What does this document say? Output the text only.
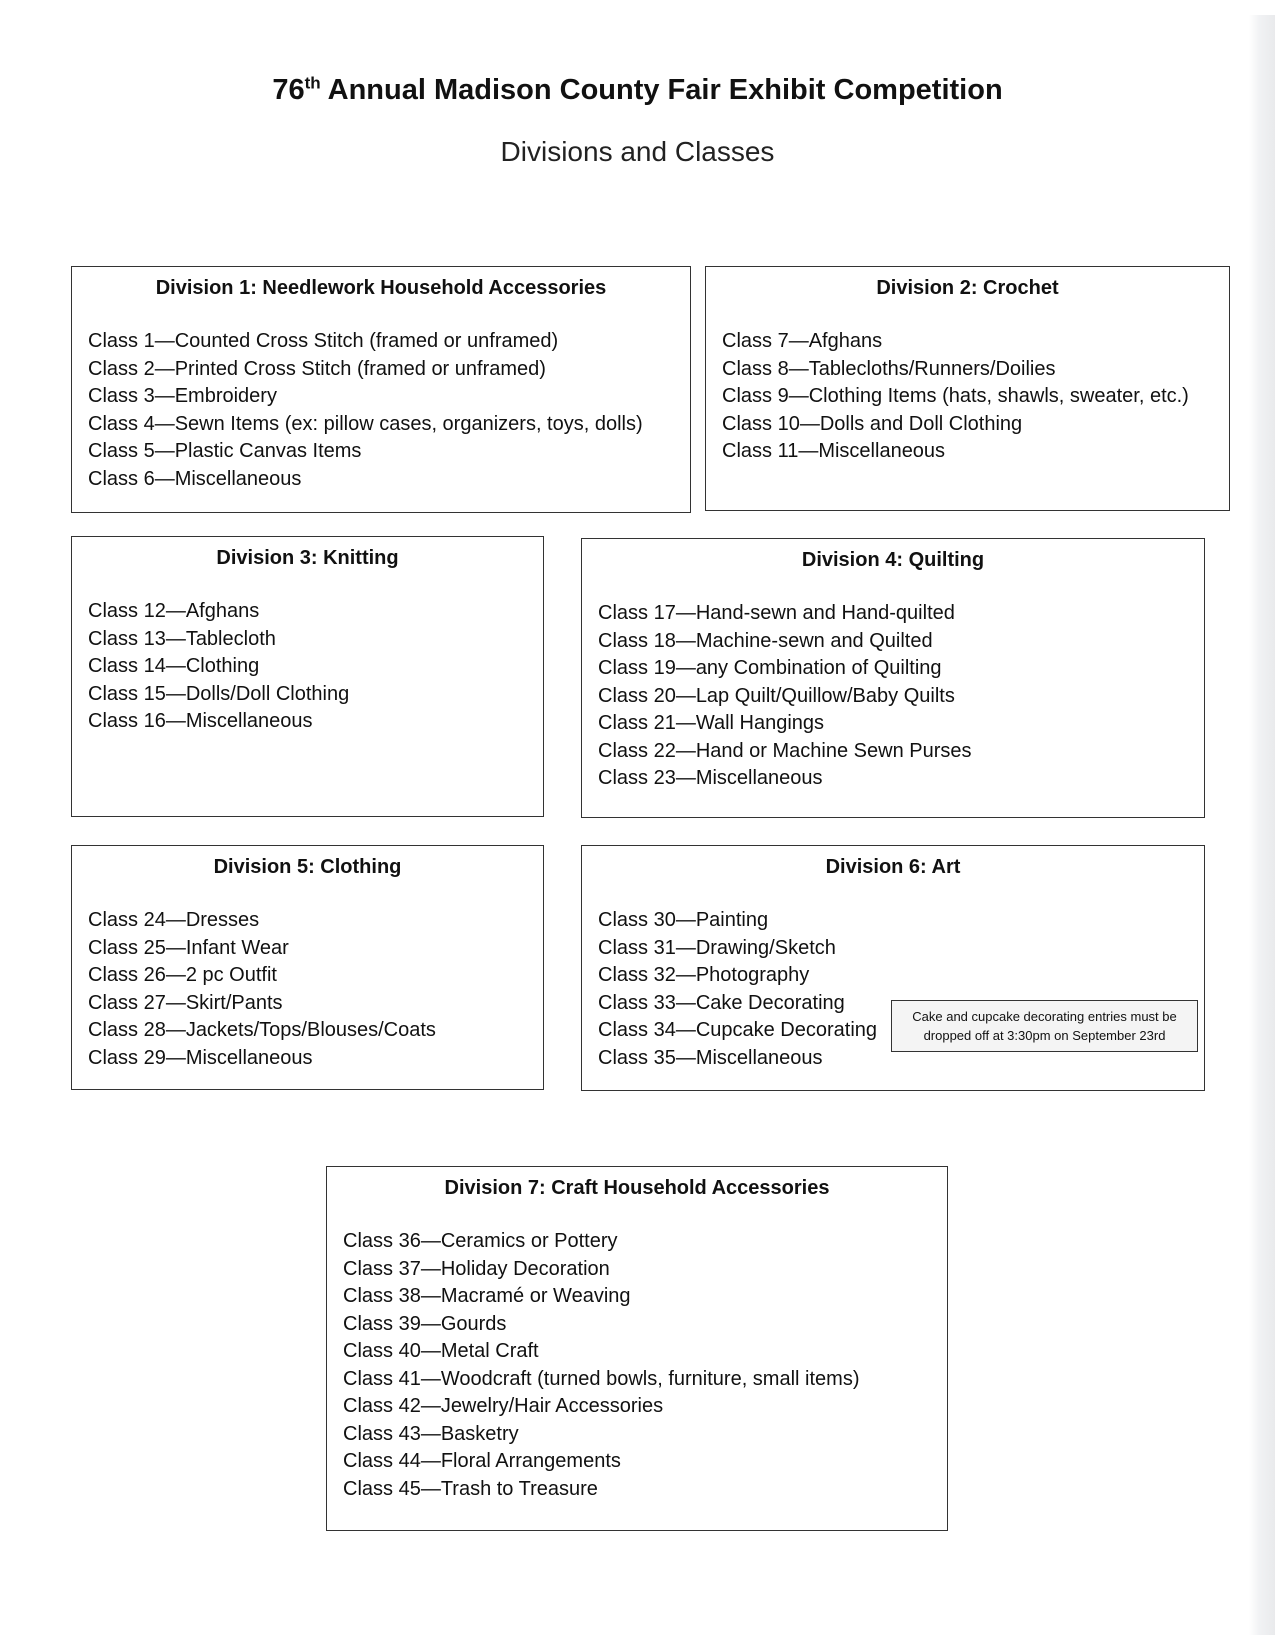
76th Annual Madison County Fair Exhibit Competition
Divisions and Classes
Division 1: Needlework Household Accessories
Class 1—Counted Cross Stitch (framed or unframed)
Class 2—Printed Cross Stitch (framed or unframed)
Class 3—Embroidery
Class 4—Sewn Items (ex: pillow cases, organizers, toys, dolls)
Class 5—Plastic Canvas Items
Class 6—Miscellaneous
Division 2: Crochet
Class 7—Afghans
Class 8—Tablecloths/Runners/Doilies
Class 9—Clothing Items (hats, shawls, sweater, etc.)
Class 10—Dolls and Doll Clothing
Class 11—Miscellaneous
Division 3: Knitting
Class 12—Afghans
Class 13—Tablecloth
Class 14—Clothing
Class 15—Dolls/Doll Clothing
Class 16—Miscellaneous
Division 4: Quilting
Class 17—Hand-sewn and Hand-quilted
Class 18—Machine-sewn and Quilted
Class 19—any Combination of Quilting
Class 20—Lap Quilt/Quillow/Baby Quilts
Class 21—Wall Hangings
Class 22—Hand or Machine Sewn Purses
Class 23—Miscellaneous
Division 5: Clothing
Class 24—Dresses
Class 25—Infant Wear
Class 26—2 pc Outfit
Class 27—Skirt/Pants
Class 28—Jackets/Tops/Blouses/Coats
Class 29—Miscellaneous
Division 6: Art
Class 30—Painting
Class 31—Drawing/Sketch
Class 32—Photography
Class 33—Cake Decorating
Class 34—Cupcake Decorating
Class 35—Miscellaneous
Cake and cupcake decorating entries must be
dropped off at 3:30pm on September 23rd
Division 7: Craft Household Accessories
Class 36—Ceramics or Pottery
Class 37—Holiday Decoration
Class 38—Macramé or Weaving
Class 39—Gourds
Class 40—Metal Craft
Class 41—Woodcraft (turned bowls, furniture, small items)
Class 42—Jewelry/Hair Accessories
Class 43—Basketry
Class 44—Floral Arrangements
Class 45—Trash to Treasure
